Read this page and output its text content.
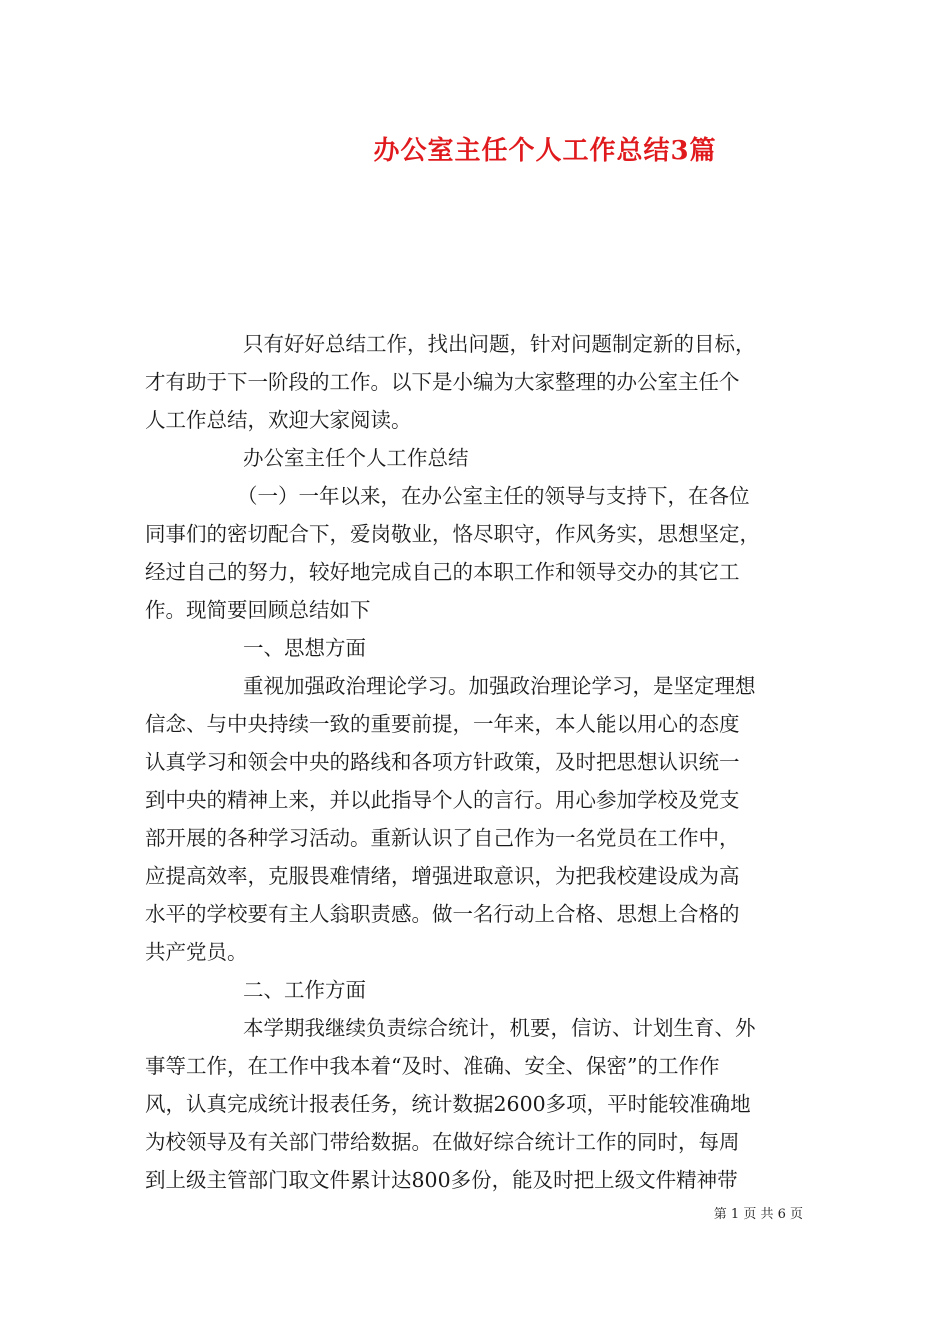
办公室主任个人工作总结3篇
只有好好总结工作，找出问题，针对问题制定新的目标，
才有助于下一阶段的工作。以下是小编为大家整理的办公室主任个
人工作总结，欢迎大家阅读。
办公室主任个人工作总结
（一）一年以来，在办公室主任的领导与支持下，在各位
同事们的密切配合下，爱岗敬业，恪尽职守，作风务实，思想坚定，
经过自己的努力，较好地完成自己的本职工作和领导交办的其它工
作。现简要回顾总结如下
一、思想方面
重视加强政治理论学习。加强政治理论学习，是坚定理想
信念、与中央持续一致的重要前提，一年来，本人能以用心的态度
认真学习和领会中央的路线和各项方针政策，及时把思想认识统一
到中央的精神上来，并以此指导个人的言行。用心参加学校及党支
部开展的各种学习活动。重新认识了自己作为一名党员在工作中，
应提高效率，克服畏难情绪，增强进取意识，为把我校建设成为高
水平的学校要有主人翁职责感。做一名行动上合格、思想上合格的
共产党员。
二、工作方面
本学期我继续负责综合统计，机要，信访、计划生育、外
事等工作，在工作中我本着“及时、准确、安全、保密”的工作作
风，认真完成统计报表任务，统计数据2600多项，平时能较准确地
为校领导及有关部门带给数据。在做好综合统计工作的同时，每周
到上级主管部门取文件累计达800多份，能及时把上级文件精神带
第 1 页 共 6 页
